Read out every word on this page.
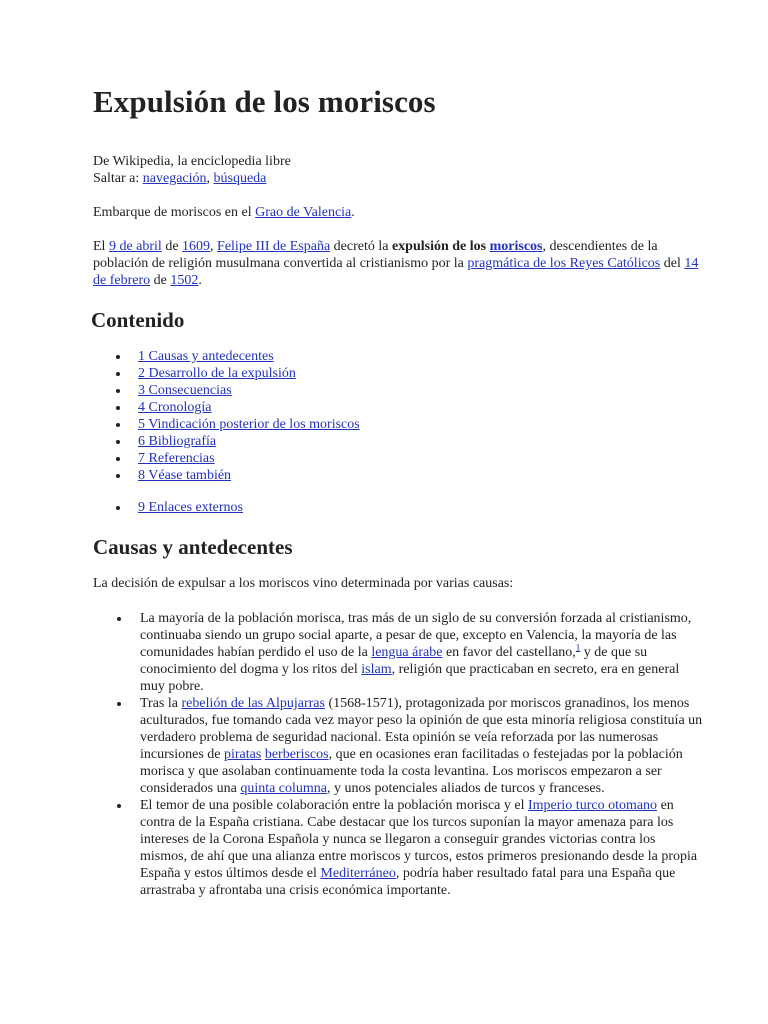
Expulsión de los moriscos

De Wikipedia, la enciclopedia libre
Saltar a: navegación, búsqueda

Embarque de moriscos en el Grao de Valencia.

El 9 de abril de 1609, Felipe III de España decretó la expulsión de los moriscos, descendientes de la población de religión musulmana convertida al cristianismo por la pragmática de los Reyes Católicos del 14 de febrero de 1502.

Contenido
1 Causas y antedecentes
2 Desarrollo de la expulsión
3 Consecuencias
4 Cronología
5 Vindicación posterior de los moriscos
6 Bibliografía
7 Referencias
8 Véase también
9 Enlaces externos
Causas y antedecentes

La decisión de expulsar a los moriscos vino determinada por varias causas:

La mayoría de la población morisca, tras más de un siglo de su conversión forzada al cristianismo, continuaba siendo un grupo social aparte, a pesar de que, excepto en Valencia, la mayoría de las comunidades habían perdido el uso de la lengua árabe en favor del castellano,$^1$ y de que su conocimiento del dogma y los ritos del islam, religión que practicaban en secreto, era en general muy pobre.
Tras la rebelión de las Alpujarras (1568-1571), protagonizada por moriscos granadinos, los menos aculturados, fue tomando cada vez mayor peso la opinión de que esta minoría religiosa constituía un verdadero problema de seguridad nacional. Esta opinión se veía reforzada por las numerosas incursiones de piratas berberiscos, que en ocasiones eran facilitadas o festejadas por la población morisca y que asolaban continuamente toda la costa levantina. Los moriscos empezaron a ser considerados una quinta columna, y unos potenciales aliados de turcos y franceses.
El temor de una posible colaboración entre la población morisca y el Imperio turco otomano en contra de la España cristiana. Cabe destacar que los turcos suponían la mayor amenaza para los intereses de la Corona Española y nunca se llegaron a conseguir grandes victorias contra los mismos, de ahí que una alianza entre moriscos y turcos, estos primeros presionando desde la propia España y estos últimos desde el Mediterráneo, podría haber resultado fatal para una España que arrastraba y afrontaba una crisis económica importante.
